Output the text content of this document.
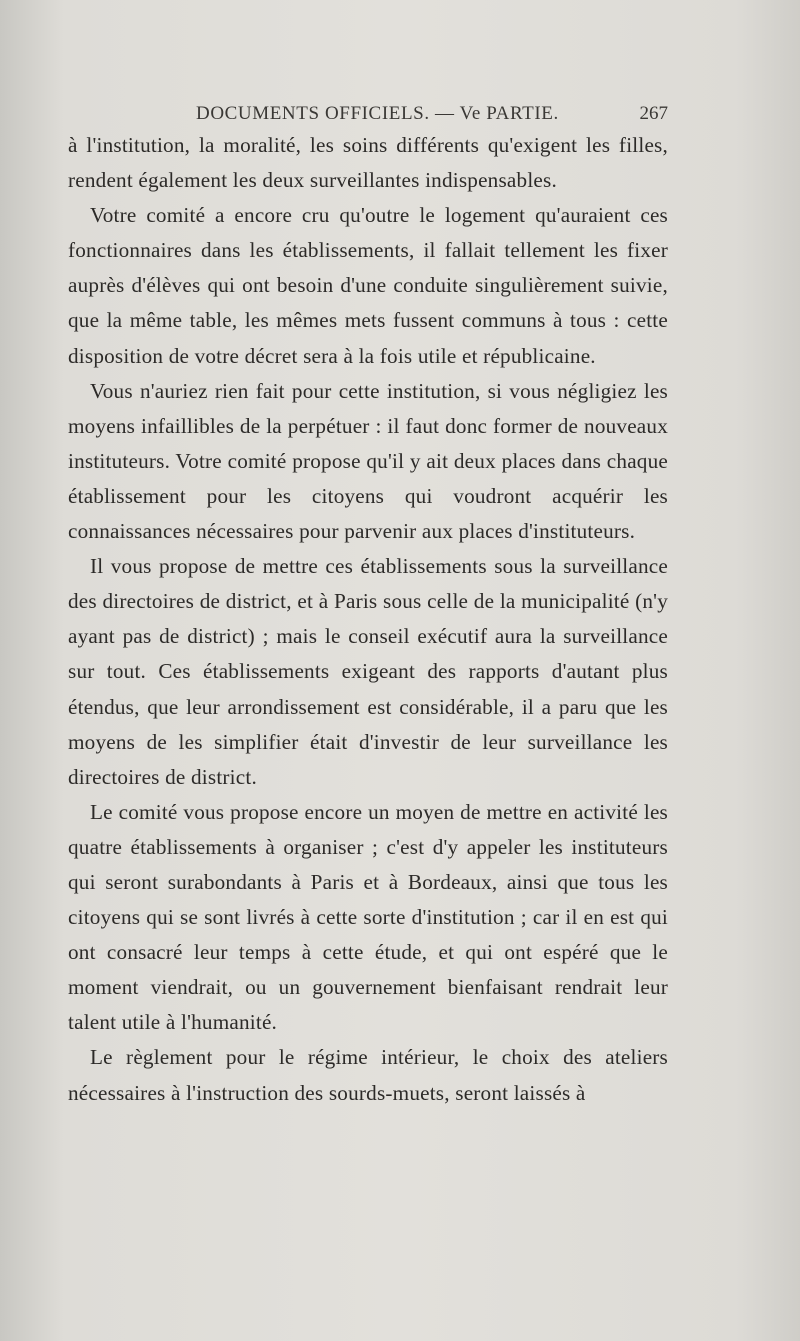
DOCUMENTS OFFICIELS. — Ve PARTIE.	267

à l'institution, la moralité, les soins différents qu'exigent les filles, rendent également les deux surveillantes indispensables.

Votre comité a encore cru qu'outre le logement qu'auraient ces fonctionnaires dans les établissements, il fallait tellement les fixer auprès d'élèves qui ont besoin d'une conduite singulièrement suivie, que la même table, les mêmes mets fussent communs à tous : cette disposition de votre décret sera à la fois utile et républicaine.

Vous n'auriez rien fait pour cette institution, si vous négligiez les moyens infaillibles de la perpétuer : il faut donc former de nouveaux instituteurs. Votre comité propose qu'il y ait deux places dans chaque établissement pour les citoyens qui voudront acquérir les connaissances nécessaires pour parvenir aux places d'instituteurs.

Il vous propose de mettre ces établissements sous la surveillance des directoires de district, et à Paris sous celle de la municipalité (n'y ayant pas de district) ; mais le conseil exécutif aura la surveillance sur tout. Ces établissements exigeant des rapports d'autant plus étendus, que leur arrondissement est considérable, il a paru que les moyens de les simplifier était d'investir de leur surveillance les directoires de district.

Le comité vous propose encore un moyen de mettre en activité les quatre établissements à organiser ; c'est d'y appeler les instituteurs qui seront surabondants à Paris et à Bordeaux, ainsi que tous les citoyens qui se sont livrés à cette sorte d'institution ; car il en est qui ont consacré leur temps à cette étude, et qui ont espéré que le moment viendrait, ou un gouvernement bienfaisant rendrait leur talent utile à l'humanité.

Le règlement pour le régime intérieur, le choix des ateliers nécessaires à l'instruction des sourds-muets, seront laissés à
